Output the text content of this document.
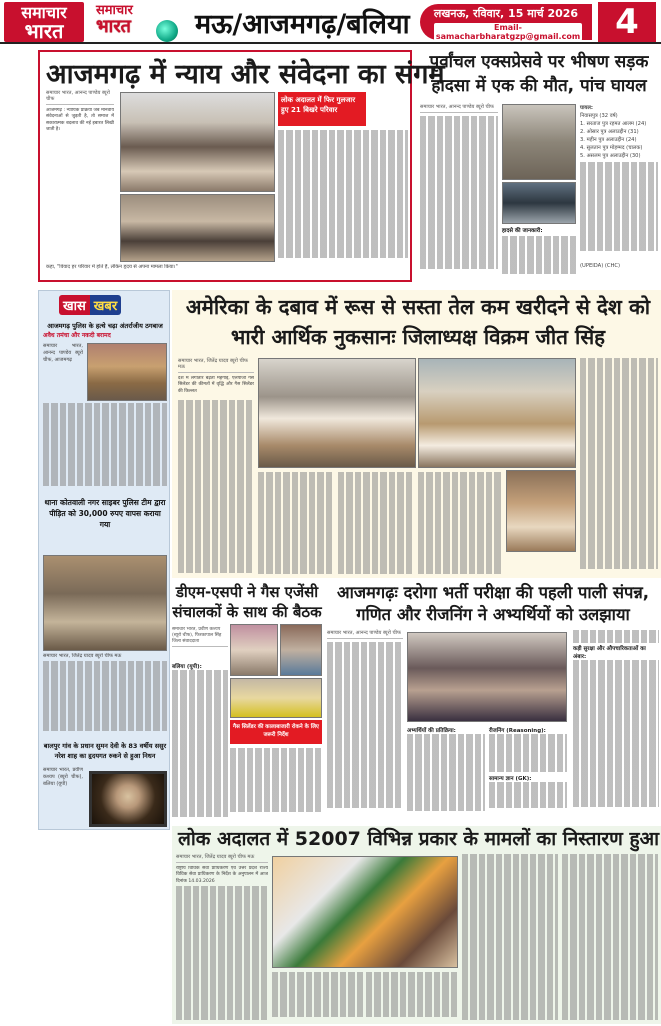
समाचार
भारत
समाचार
भारत	मऊ/आजमगढ़/बलिया	लखनऊ, रविवार, 15 मार्च 2026
Email-samacharbharatgzp@gmail.com	4
आजमगढ़ में न्याय और संवेदना का संगम
समाचार भारत, आनन्द पाण्डेय ब्यूरो चीफ
आजमगढ़ : न्यायिक प्रक्रिया जब मानवीय संवेदनाओं से जुड़ती है, तो समाज में सकारात्मक बदलाव की नई इबारत लिखी जाती है।
लोक अदालत में फिर गुलजार हुए 21 बिखरे परिवार
कहा, "विवाद हर परिवार में होते हैं, लेकिन हृदय से अपना मामला किया।"
पूर्वांचल एक्सप्रेसवे पर भीषण सड़क हादसा में एक की मौत, पांच घायल
समाचार भारत, आनन्द पाण्डेय ब्यूरो चीफ
हादसे की जानकारी:
घायल:
निवासपुत्र (32 वर्ष)
1. सरताज पुत्र रहमत आलम (24)
2. ओसार पुत्र अलाउद्दीन (31)
3. महीन पुत्र अलाउद्दीन (24)
4. सुलतान पुत्र मोहम्मद (चालक)
5. असलम पुत्र अलाउद्दीन (30)
(UPEIDA) (CHC)
खास खबर
आजमगढ़ पुलिस के हत्थे चढ़ा अंतर्राजीय ठगबाज
अवैध तमंचा और नकदी बरामद
समाचार भारत, आनन्द पाण्डेय ब्यूरो चीफ, आजमगढ़
थाना कोतवाली नगर साइबर पुलिस टीम द्वारा पीड़ित को 30,000 रुपए वापस कराया गया
समाचार भारत, जितेंद्र यादव ब्यूरो चीफ मऊ
बालपुर गांव के प्रधान सुमन देवी के 83 वर्षीय ससुर नरेश शाह का हृदयगत रुकने से हुआ निधन
समाचार भारत, प्रवीण कश्यप (ब्यूरो चीफ), बलिया (यूपी)
अमेरिका के दबाव में रूस से सस्ता तेल कम खरीदने से देश को भारी आर्थिक नुकसानः जिलाध्यक्ष विक्रम जीत सिंह
समाचार भारत, जितेंद्र यादव ब्यूरो चीफ मऊ
देश में लगातार बढ़ती महंगाई, एलपीजी गैस सिलेंडर की कीमतों में वृद्धि और गैस सिलेंडर की किल्लत
डीएम-एसपी ने गैस एजेंसी संचालकों के साथ की बैठक
समाचार भारत, प्रवीण कश्यप (ब्यूरो चीफ), फिरकापाल सिंह जिला संवाददाता
बलिया (यूपी):
गैस सिलेंडर की कालाबाजारी रोकने के लिए जरूरी निर्देश
आजमगढ़ः दरोगा भर्ती परीक्षा की पहली पाली संपन्न, गणित और रीजनिंग ने अभ्यर्थियों को उलझाया
समाचार भारत, आनन्द पाण्डेय ब्यूरो चीफ
अभ्यर्थियों की प्रतिक्रिया:	रीजनिंग (Reasoning):
सामान्य ज्ञान (GK):
कड़ी सुरक्षा और औपचारिकताओं का अंबार:
लोक अदालत में 52007 विभिन्न प्रकार के मामलों का निस्तारण हुआ
समाचार भारत, जितेंद्र यादव ब्यूरो चीफ मऊ
राष्ट्रीय विधिक सेवा प्राधिकरण एवं उत्तर प्रदेश राज्य विधिक सेवा प्राधिकरण के निर्देश के अनुपालन में आज दिनांक 14.03.2026
